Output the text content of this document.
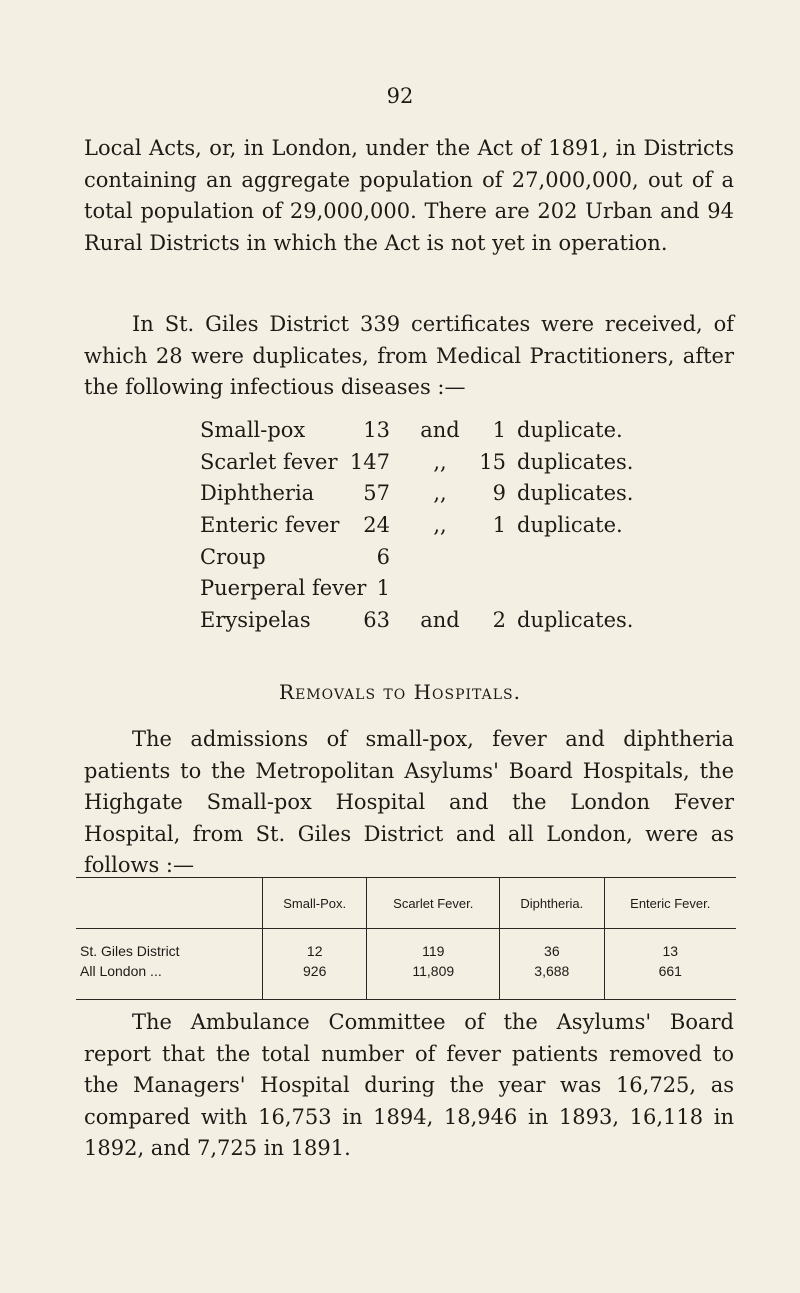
92

Local Acts, or, in London, under the Act of 1891, in Districts containing an aggregate population of 27,000,000, out of a total population of 29,000,000. There are 202 Urban and 94 Rural Districts in which the Act is not yet in operation.

In St. Giles District 339 certificates were received, of which 28 were duplicates, from Medical Practitioners, after the following infectious diseases :—

Small-pox	13 and	1 duplicate.
Scarlet fever 147	,,	15 duplicates.
Diphtheria	57	,,	9 duplicates.
Enteric fever	24	,,	1 duplicate.
Croup	6
Puerperal fever 1
Erysipelas	63 and	2 duplicates.
Removals to Hospitals.

The admissions of small-pox, fever and diphtheria patients to the Metropolitan Asylums' Board Hospitals, the Highgate Small-pox Hospital and the London Fever Hospital, from St. Giles District and all London, were as follows :—

	Small-Pox.	Scarlet Fever.	Diphtheria.	Enteric Fever.
St. Giles District	12	119	36	13
All London ...	926	11,809	3,688	661

The Ambulance Committee of the Asylums' Board report that the total number of fever patients removed to the Managers' Hospital during the year was 16,725, as compared with 16,753 in 1894, 18,946 in 1893, 16,118 in 1892, and 7,725 in 1891.
